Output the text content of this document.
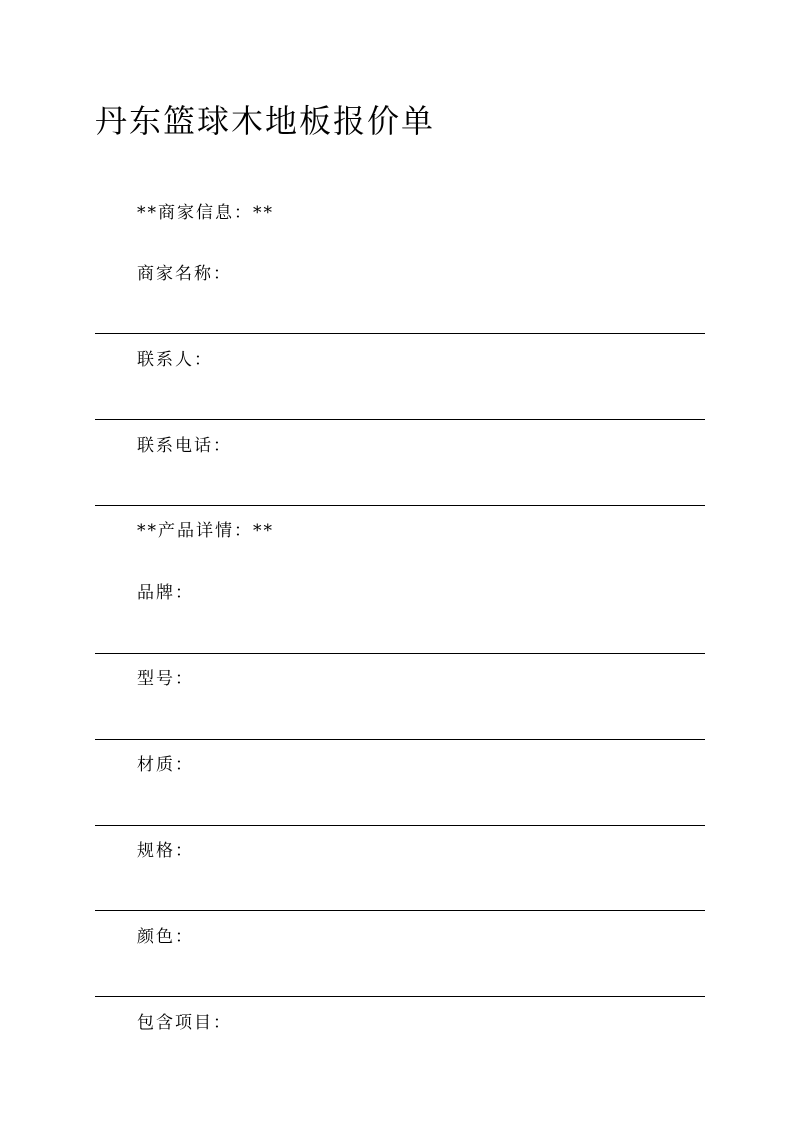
丹东篮球木地板报价单
**商家信息：**
商家名称：
联系人：
联系电话：
**产品详情：**
品牌：
型号：
材质：
规格：
颜色：
包含项目：
